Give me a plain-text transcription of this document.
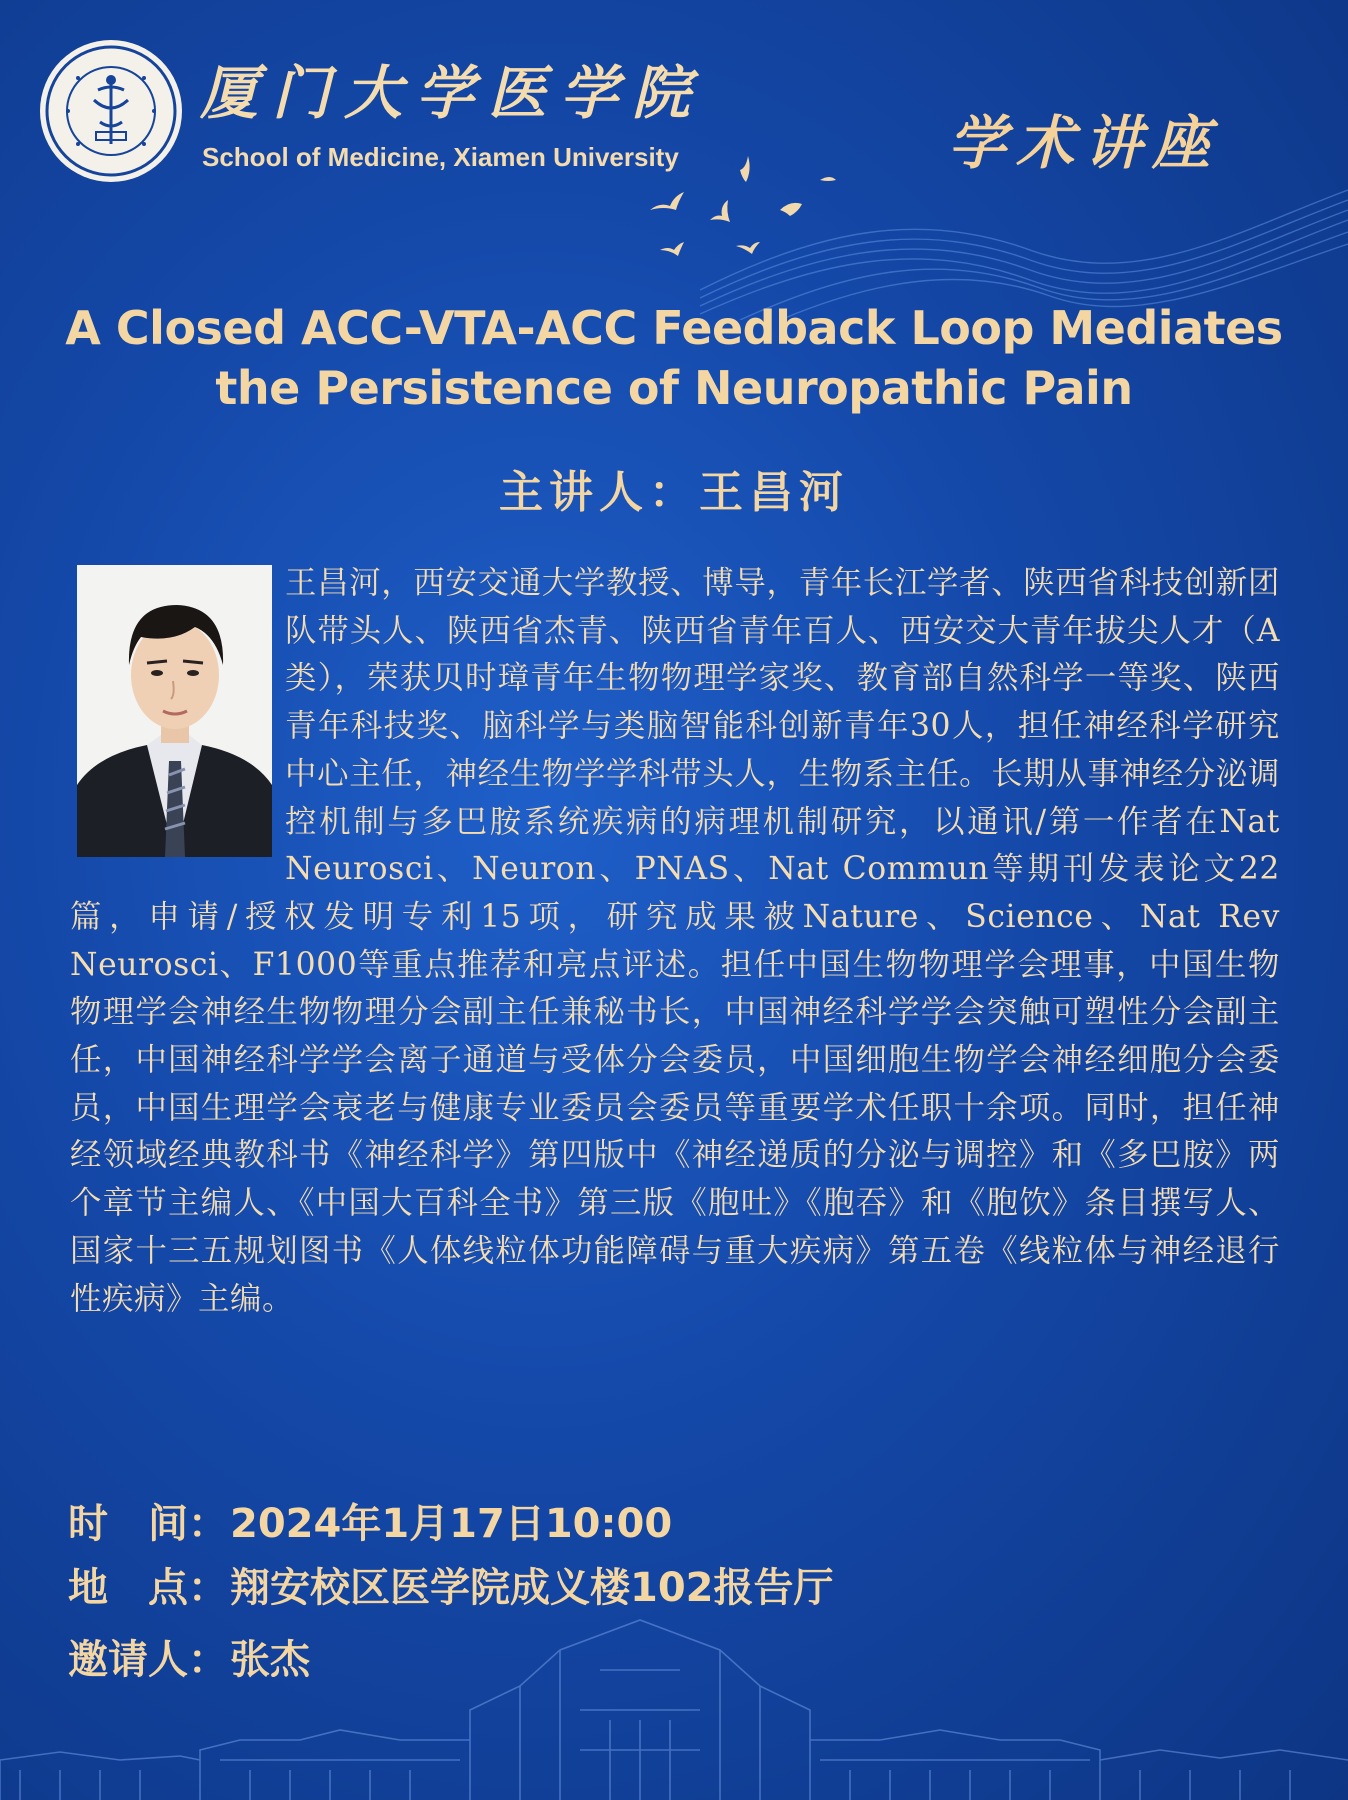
厦门大学医学院
School of Medicine, Xiamen University	学术讲座
A Closed ACC-VTA-ACC Feedback Loop Mediates
the Persistence of Neuropathic Pain
主讲人：王昌河
王昌河，西安交通大学教授、博导，青年长江学者、陕西省科技创新团队带头人、陕西省杰青、陕西省青年百人、西安交大青年拔尖人才（A类），荣获贝时璋青年生物物理学家奖、教育部自然科学一等奖、陕西青年科技奖、脑科学与类脑智能科创新青年30人，担任神经科学研究中心主任，神经生物学学科带头人，生物系主任。长期从事神经分泌调控机制与多巴胺系统疾病的病理机制研究，以通讯/第一作者在Nat Neurosci、Neuron、PNAS、Nat Commun等期刊发表论文22篇，申请/授权发明专利15项，研究成果被Nature、Science、Nat Rev Neurosci、F1000等重点推荐和亮点评述。担任中国生物物理学会理事，中国生物物理学会神经生物物理分会副主任兼秘书长，中国神经科学学会突触可塑性分会副主任，中国神经科学学会离子通道与受体分会委员，中国细胞生物学会神经细胞分会委员，中国生理学会衰老与健康专业委员会委员等重要学术任职十余项。同时，担任神经领域经典教科书《神经科学》第四版中《神经递质的分泌与调控》和《多巴胺》两个章节主编人、《中国大百科全书》第三版《胞吐》《胞吞》和《胞饮》条目撰写人、国家十三五规划图书《人体线粒体功能障碍与重大疾病》第五卷《线粒体与神经退行性疾病》主编。
时　间：2024年1月17日10:00
地　点：翔安校区医学院成义楼102报告厅
邀请人：张杰
